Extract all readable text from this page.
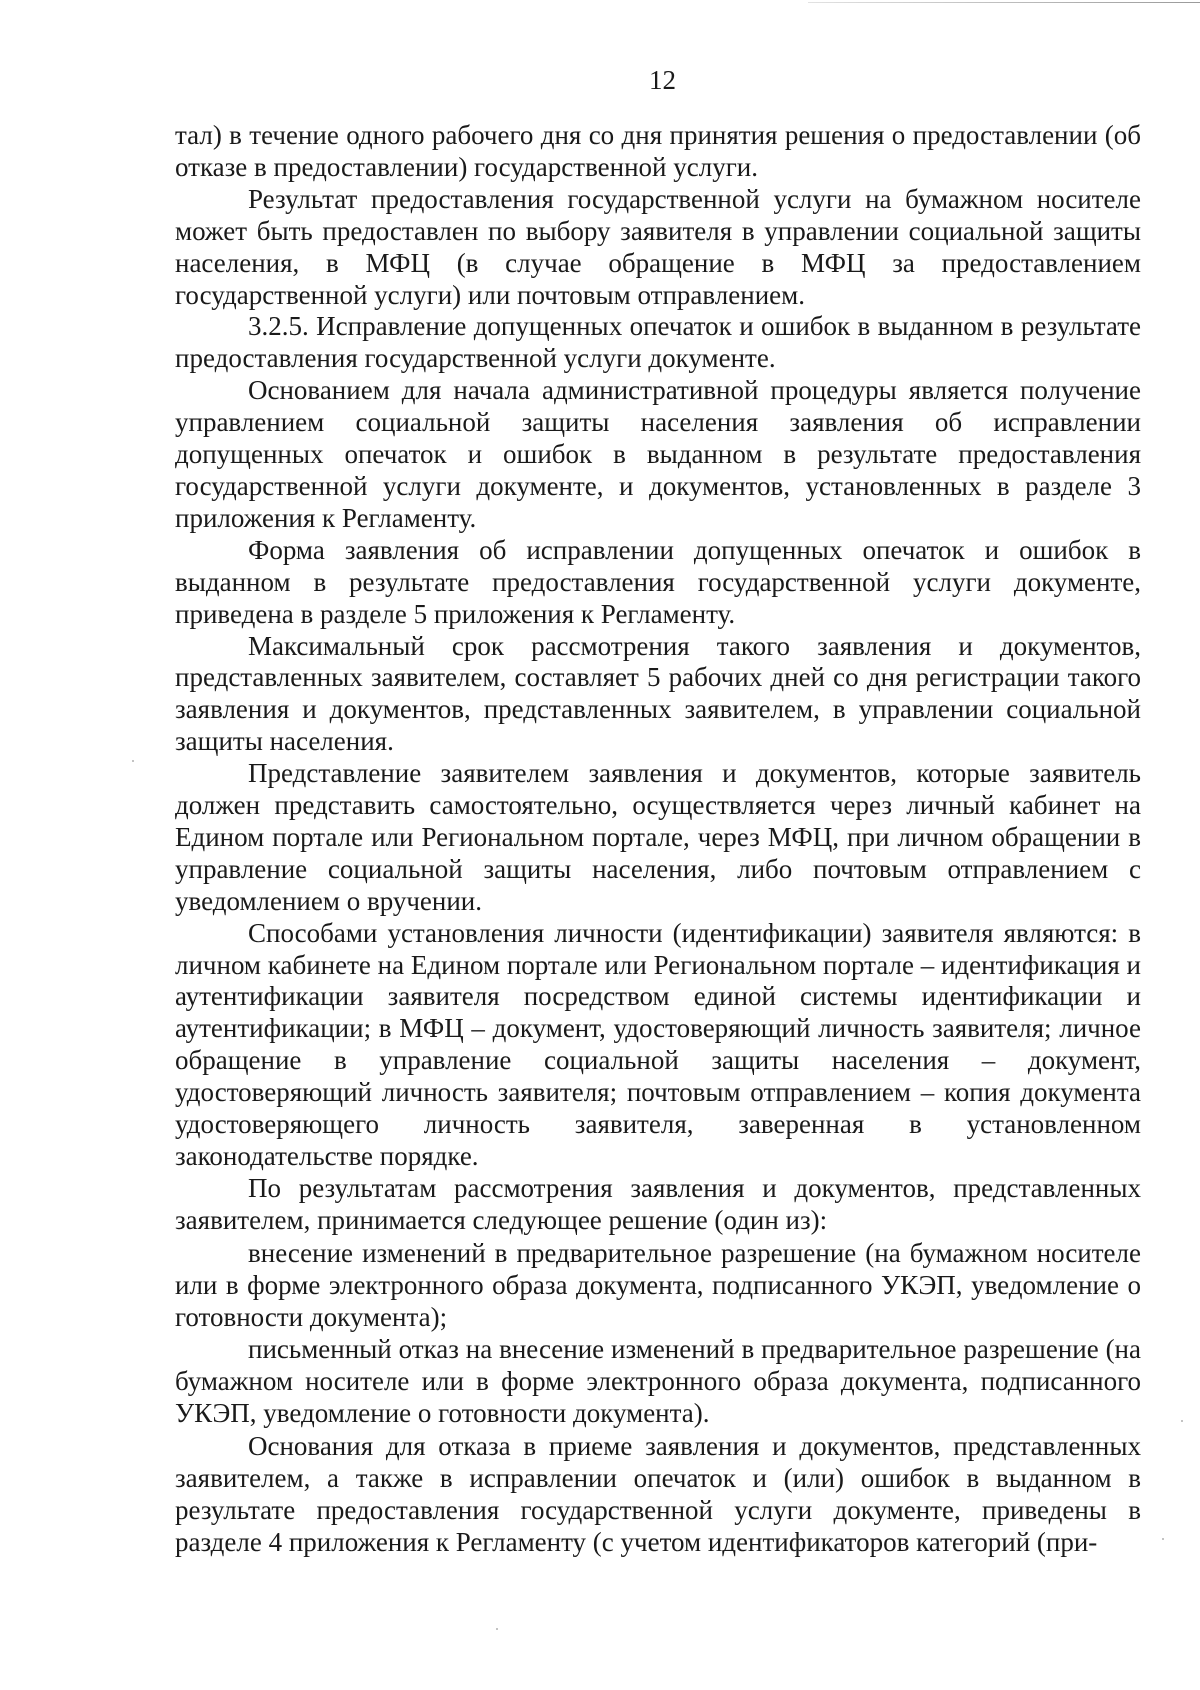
12

тал) в течение одного рабочего дня со дня принятия решения о предоставлении (об отказе в предоставлении) государственной услуги.

Результат предоставления государственной услуги на бумажном носителе может быть предоставлен по выбору заявителя в управлении социальной защиты населения, в МФЦ (в случае обращение в МФЦ за предоставлением государственной услуги) или почтовым отправлением.

3.2.5. Исправление допущенных опечаток и ошибок в выданном в результате предоставления государственной услуги документе.

Основанием для начала административной процедуры является получение управлением социальной защиты населения заявления об исправлении допущенных опечаток и ошибок в выданном в результате предоставления государственной услуги документе, и документов, установленных в разделе 3 приложения к Регламенту.

Форма заявления об исправлении допущенных опечаток и ошибок в выданном в результате предоставления государственной услуги документе, приведена в разделе 5 приложения к Регламенту.

Максимальный срок рассмотрения такого заявления и документов, представленных заявителем, составляет 5 рабочих дней со дня регистрации такого заявления и документов, представленных заявителем, в управлении социальной защиты населения.

Представление заявителем заявления и документов, которые заявитель должен представить самостоятельно, осуществляется через личный кабинет на Едином портале или Региональном портале, через МФЦ, при личном обращении в управление социальной защиты населения, либо почтовым отправлением с уведомлением о вручении.

Способами установления личности (идентификации) заявителя являются: в личном кабинете на Едином портале или Региональном портале – идентификация и аутентификации заявителя посредством единой системы идентификации и аутентификации; в МФЦ – документ, удостоверяющий личность заявителя; личное обращение в управление социальной защиты населения – документ, удостоверяющий личность заявителя; почтовым отправлением – копия документа удостоверяющего личность заявителя, заверенная в установленном законодательстве порядке.

По результатам рассмотрения заявления и документов, представленных заявителем, принимается следующее решение (один из):

внесение изменений в предварительное разрешение (на бумажном носителе или в форме электронного образа документа, подписанного УКЭП, уведомление о готовности документа);

письменный отказ на внесение изменений в предварительное разрешение (на бумажном носителе или в форме электронного образа документа, подписанного УКЭП, уведомление о готовности документа).

Основания для отказа в приеме заявления и документов, представленных заявителем, а также в исправлении опечаток и (или) ошибок в выданном в результате предоставления государственной услуги документе, приведены в разделе 4 приложения к Регламенту (с учетом идентификаторов категорий (при-
